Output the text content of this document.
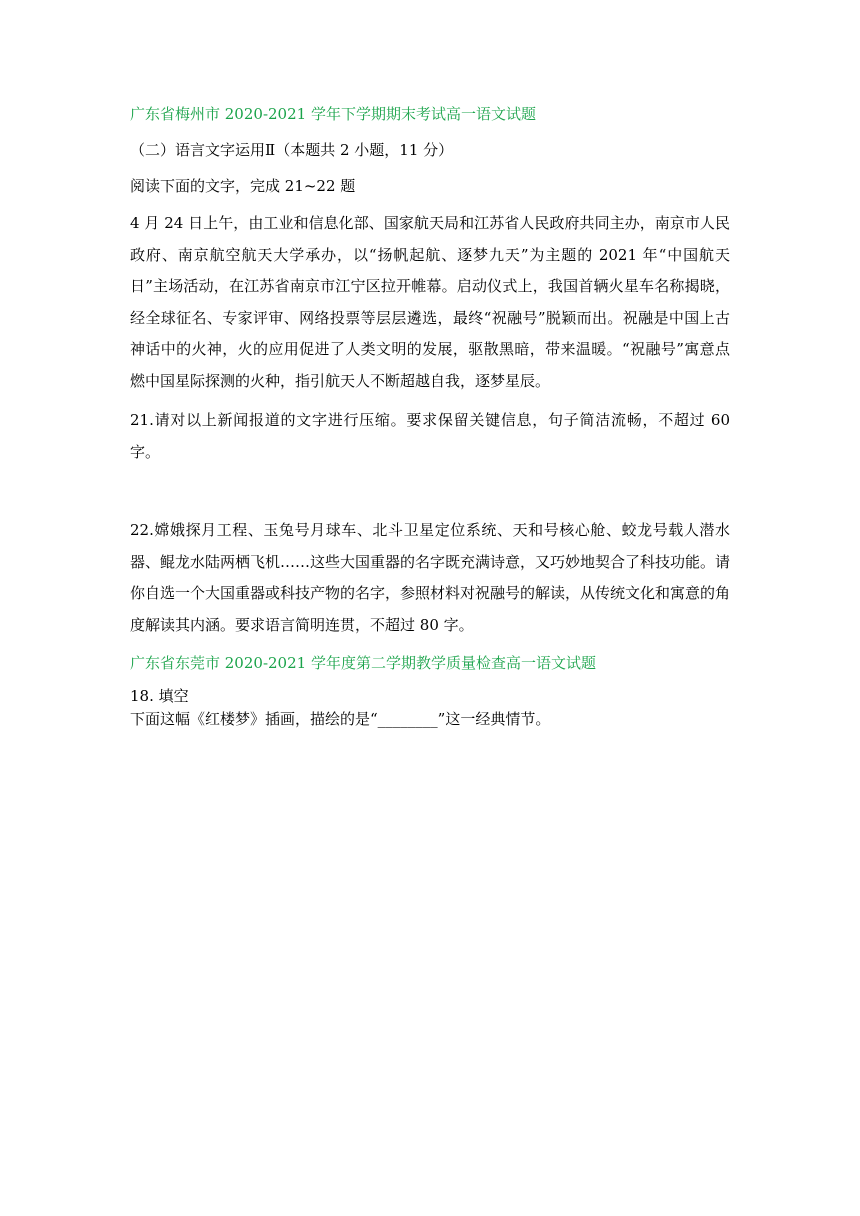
广东省梅州市 2020-2021 学年下学期期末考试高一语文试题

（二）语言文字运用Ⅱ（本题共 2 小题，11 分）

阅读下面的文字，完成 21~22 题

4 月 24 日上午，由工业和信息化部、国家航天局和江苏省人民政府共同主办，南京市人民政府、南京航空航天大学承办，以“扬帆起航、逐梦九天”为主题的 2021 年“中国航天日”主场活动，在江苏省南京市江宁区拉开帷幕。启动仪式上，我国首辆火星车名称揭晓，经全球征名、专家评审、网络投票等层层遴选，最终“祝融号”脱颖而出。祝融是中国上古神话中的火神，火的应用促进了人类文明的发展，驱散黑暗，带来温暖。“祝融号”寓意点燃中国星际探测的火种，指引航天人不断超越自我，逐梦星辰。

21.请对以上新闻报道的文字进行压缩。要求保留关键信息，句子简洁流畅，不超过 60 字。

22.嫦娥探月工程、玉兔号月球车、北斗卫星定位系统、天和号核心舱、蛟龙号载人潜水器、鲲龙水陆两栖飞机……这些大国重器的名字既充满诗意，又巧妙地契合了科技功能。请你自选一个大国重器或科技产物的名字，参照材料对祝融号的解读，从传统文化和寓意的角度解读其内涵。要求语言简明连贯，不超过 80 字。

广东省东莞市 2020-2021 学年度第二学期教学质量检查高一语文试题

18. 填空

下面这幅《红楼梦》插画，描绘的是“________”这一经典情节。
